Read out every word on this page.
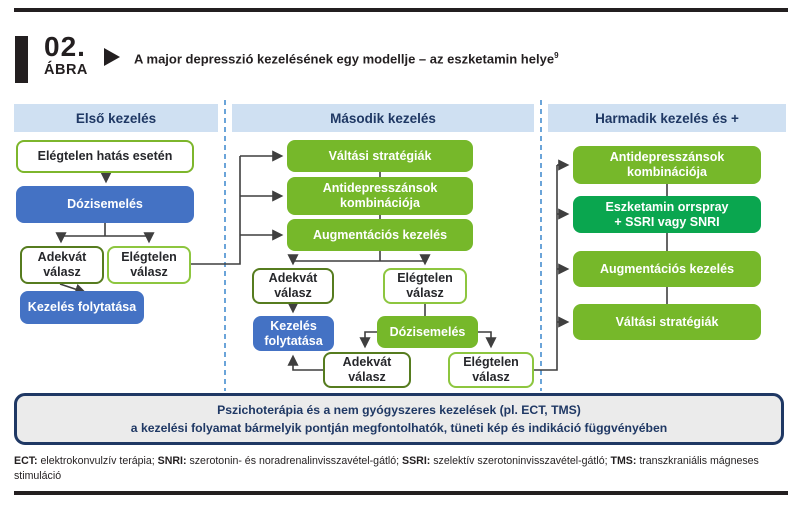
02.
ÁBRA
A major depresszió kezelésének egy modellje – az eszketamin helye$^9$
Első kezelés	Második kezelés	Harmadik kezelés és +
Elégtelen hatás esetén
Dózisemelés
Adekvát válasz
Elégtelen válasz
Kezelés folytatása
Váltási stratégiák
Antidepresszánsok kombinációja
Augmentációs kezelés
Adekvát válasz
Elégtelen válasz
Kezelés folytatása
Dózisemelés
Adekvát válasz
Elégtelen válasz
Antidepresszánsok kombinációja
Eszketamin orrspray
+ SSRI vagy SNRI
Augmentációs kezelés
Váltási stratégiák
Pszichoterápia és a nem gyógyszeres kezelések (pl. ECT, TMS)
a kezelési folyamat bármelyik pontján megfontolhatók, tüneti kép és indikáció függvényében
ECT: elektrokonvulzív terápia; SNRI: szerotonin- és noradrenalinvisszavétel-gátló; SSRI: szelektív szerotoninvisszavétel-gátló; TMS: transzkraniális mágneses stimuláció
